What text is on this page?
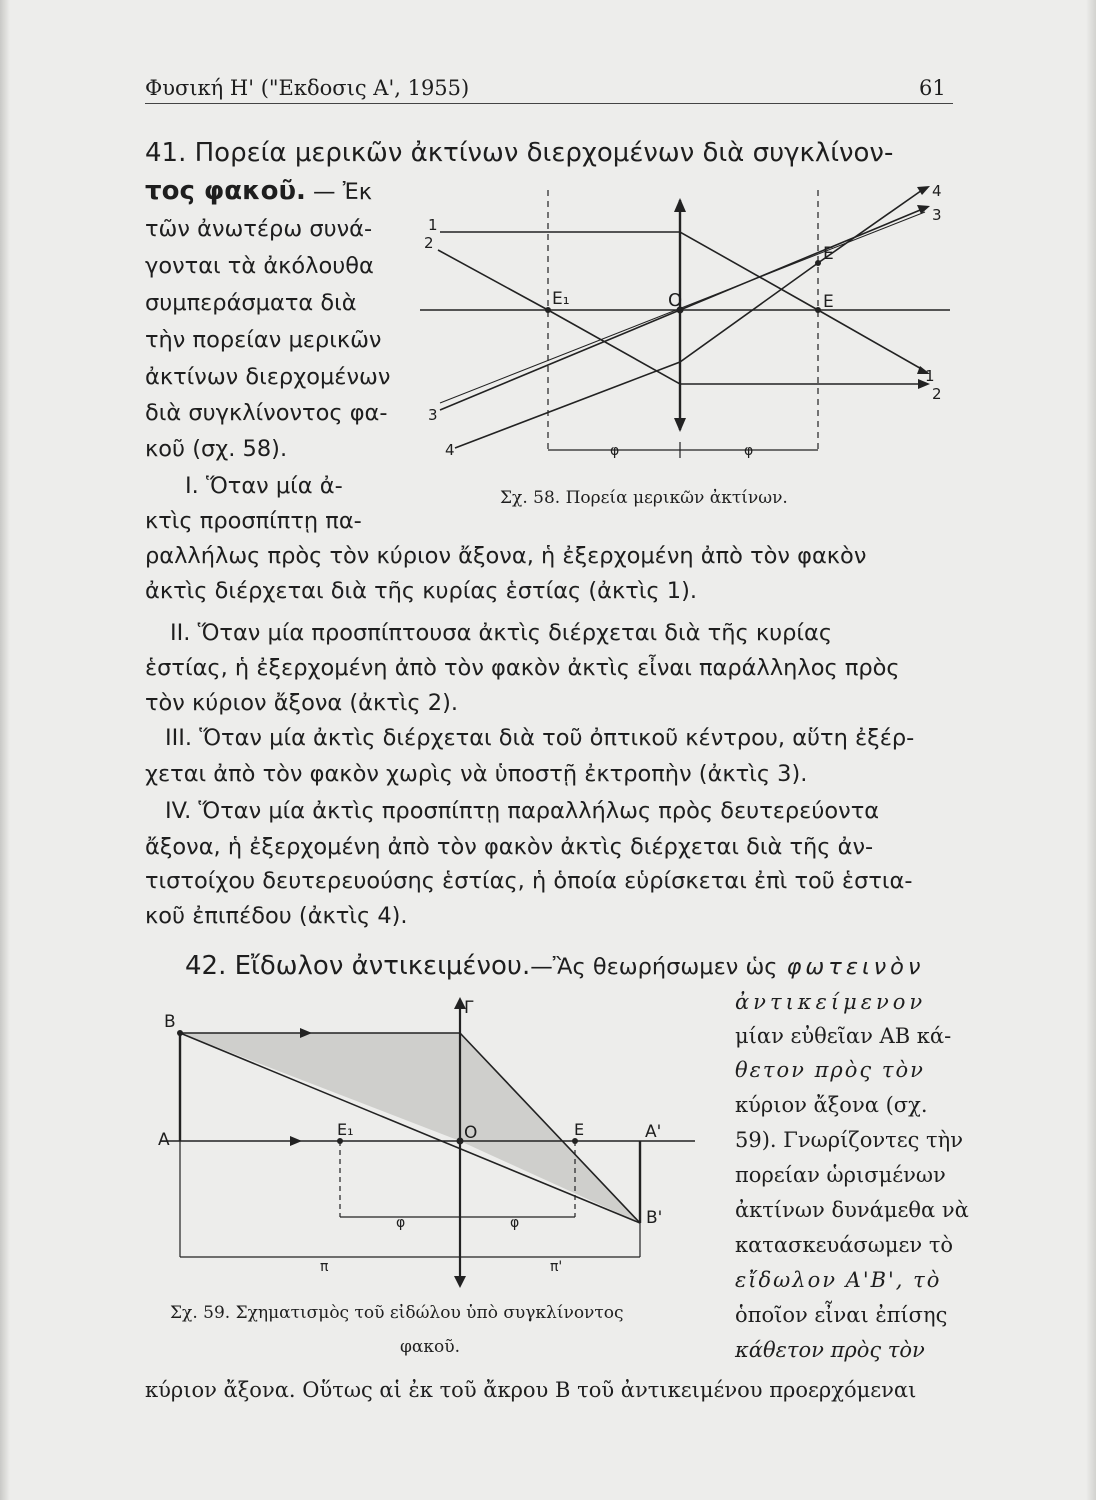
Φυσική Η' ("Εκδοσις Α', 1955)	61
41. Πορεία μερικῶν ἀκτίνων διερχομένων διὰ συγκλίνον-
τος φακοῦ. — Ἐκ
τῶν ἀνωτέρω συνά-
γονται τὰ ἀκόλουθα
συμπεράσματα διὰ
τὴν πορείαν μερικῶν
ἀκτίνων διερχομένων
διὰ συγκλίνοντος φα-
κοῦ (σχ. 58).
1
2
3
4
4
3
1
2
E₁	O
E
E
φ	φ
Σχ. 58. Πορεία μερικῶν ἀκτίνων.
I. Ὅταν μία ἀ-
κτὶς προσπίπτῃ πα-
ραλλήλως πρὸς τὸν κύριον ἄξονα, ἡ ἐξερχομένη ἀπὸ τὸν φακὸν
ἀκτὶς διέρχεται διὰ τῆς κυρίας ἑστίας (ἀκτὶς 1).
II. Ὅταν μία προσπίπτουσα ἀκτὶς διέρχεται διὰ τῆς κυρίας
ἑστίας, ἡ ἐξερχομένη ἀπὸ τὸν φακὸν ἀκτὶς εἶναι παράλληλος πρὸς
τὸν κύριον ἄξονα (ἀκτὶς 2).
III. Ὅταν μία ἀκτὶς διέρχεται διὰ τοῦ ὀπτικοῦ κέντρου, αὕτη ἐξέρ-
χεται ἀπὸ τὸν φακὸν χωρὶς νὰ ὑποστῇ ἐκτροπὴν (ἀκτὶς 3).
IV. Ὅταν μία ἀκτὶς προσπίπτῃ παραλλήλως πρὸς δευτερεύοντα
ἄξονα, ἡ ἐξερχομένη ἀπὸ τὸν φακὸν ἀκτὶς διέρχεται διὰ τῆς ἀν-
τιστοίχου δευτερευούσης ἑστίας, ἡ ὁποία εὑρίσκεται ἐπὶ τοῦ ἑστια-
κοῦ ἐπιπέδου (ἀκτὶς 4).
42. Εἴδωλον ἀντικειμένου.—Ἂς θεωρήσωμεν ὡς φωτεινὸν
ἀντικείμενον
μίαν εὐθεῖαν ΑΒ κά-
θετον πρὸς τὸν
κύριον ἄξονα (σχ.
59). Γνωρίζοντες τὴν
πορείαν ὡρισμένων
ἀκτίνων δυνάμεθα νὰ
κατασκευάσωμεν τὸ
εἴδωλον Α'Β', τὸ
ὁποῖον εἶναι ἐπίσης
κάθετον πρὸς τὸν
B
A
E₁	O	E	A'
B'
Γ
φ	φ
π	π'
Σχ. 59. Σχηματισμὸς τοῦ εἰδώλου ὑπὸ συγκλίνοντος
φακοῦ.
κύριον ἄξονα. Οὕτως αἱ ἐκ τοῦ ἄκρου Β τοῦ ἀντικειμένου προερχόμεναι
